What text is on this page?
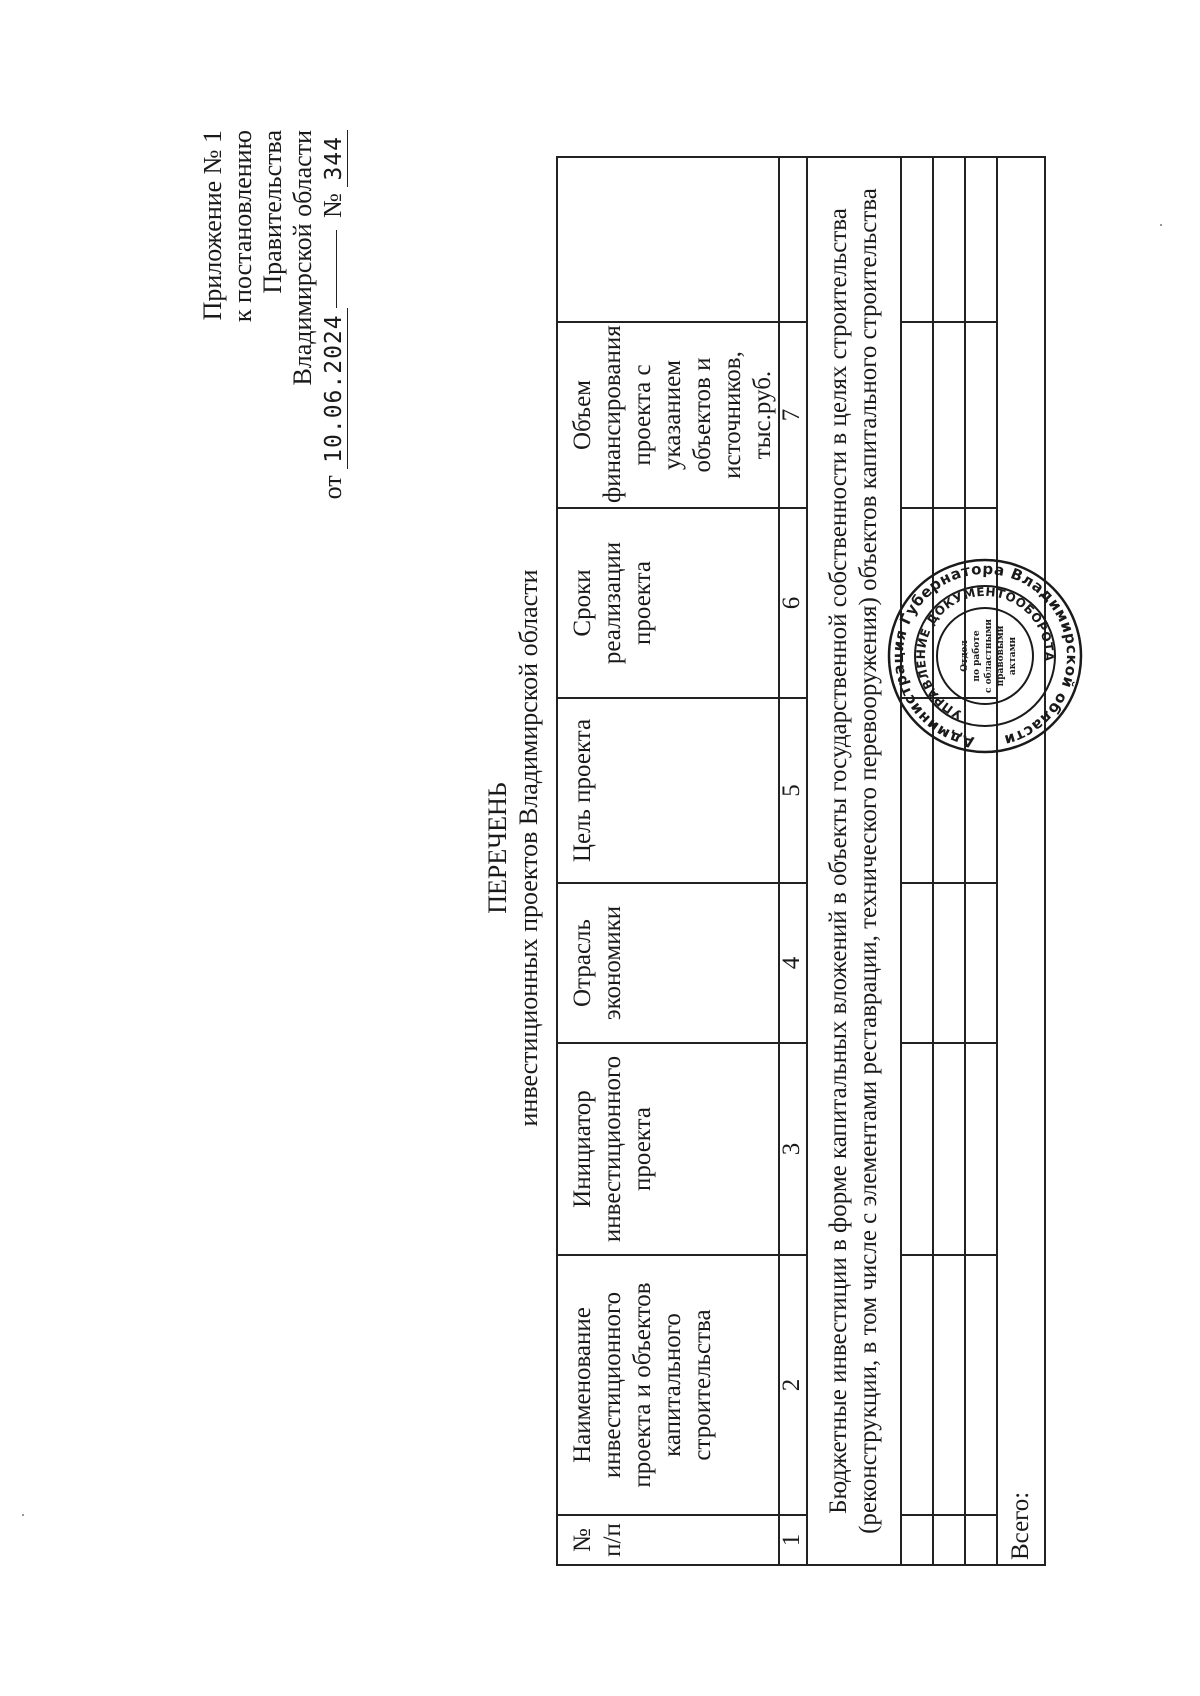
Приложение № 1 к постановлению Правительства Владимирской области
от 10.06.2024 № 344
ПЕРЕЧЕНЬ инвестиционных проектов Владимирской области
№ п/п	Наименование инвестиционного проекта и объектов капитального строительства	Инициатор инвестиционного проекта	Отрасль экономики	Цель проекта	Сроки реализации проекта	Объем финансирования проекта с указанием объектов и источников, тыс.руб.	
1	2	3	4	5	6	7	
Бюджетные инвестиции в форме капитальных вложений в объекты государственной собственности в целях строительства (реконструкции, в том числе с элементами реставрации, технического перевооружения) объектов капитального строительства							

Всего:							
Администрация Губернатора Владимирской области
УПРАВЛЕНИЕ ДОКУМЕНТООБОРОТА
Отдел по работе с областными правовыми актами
